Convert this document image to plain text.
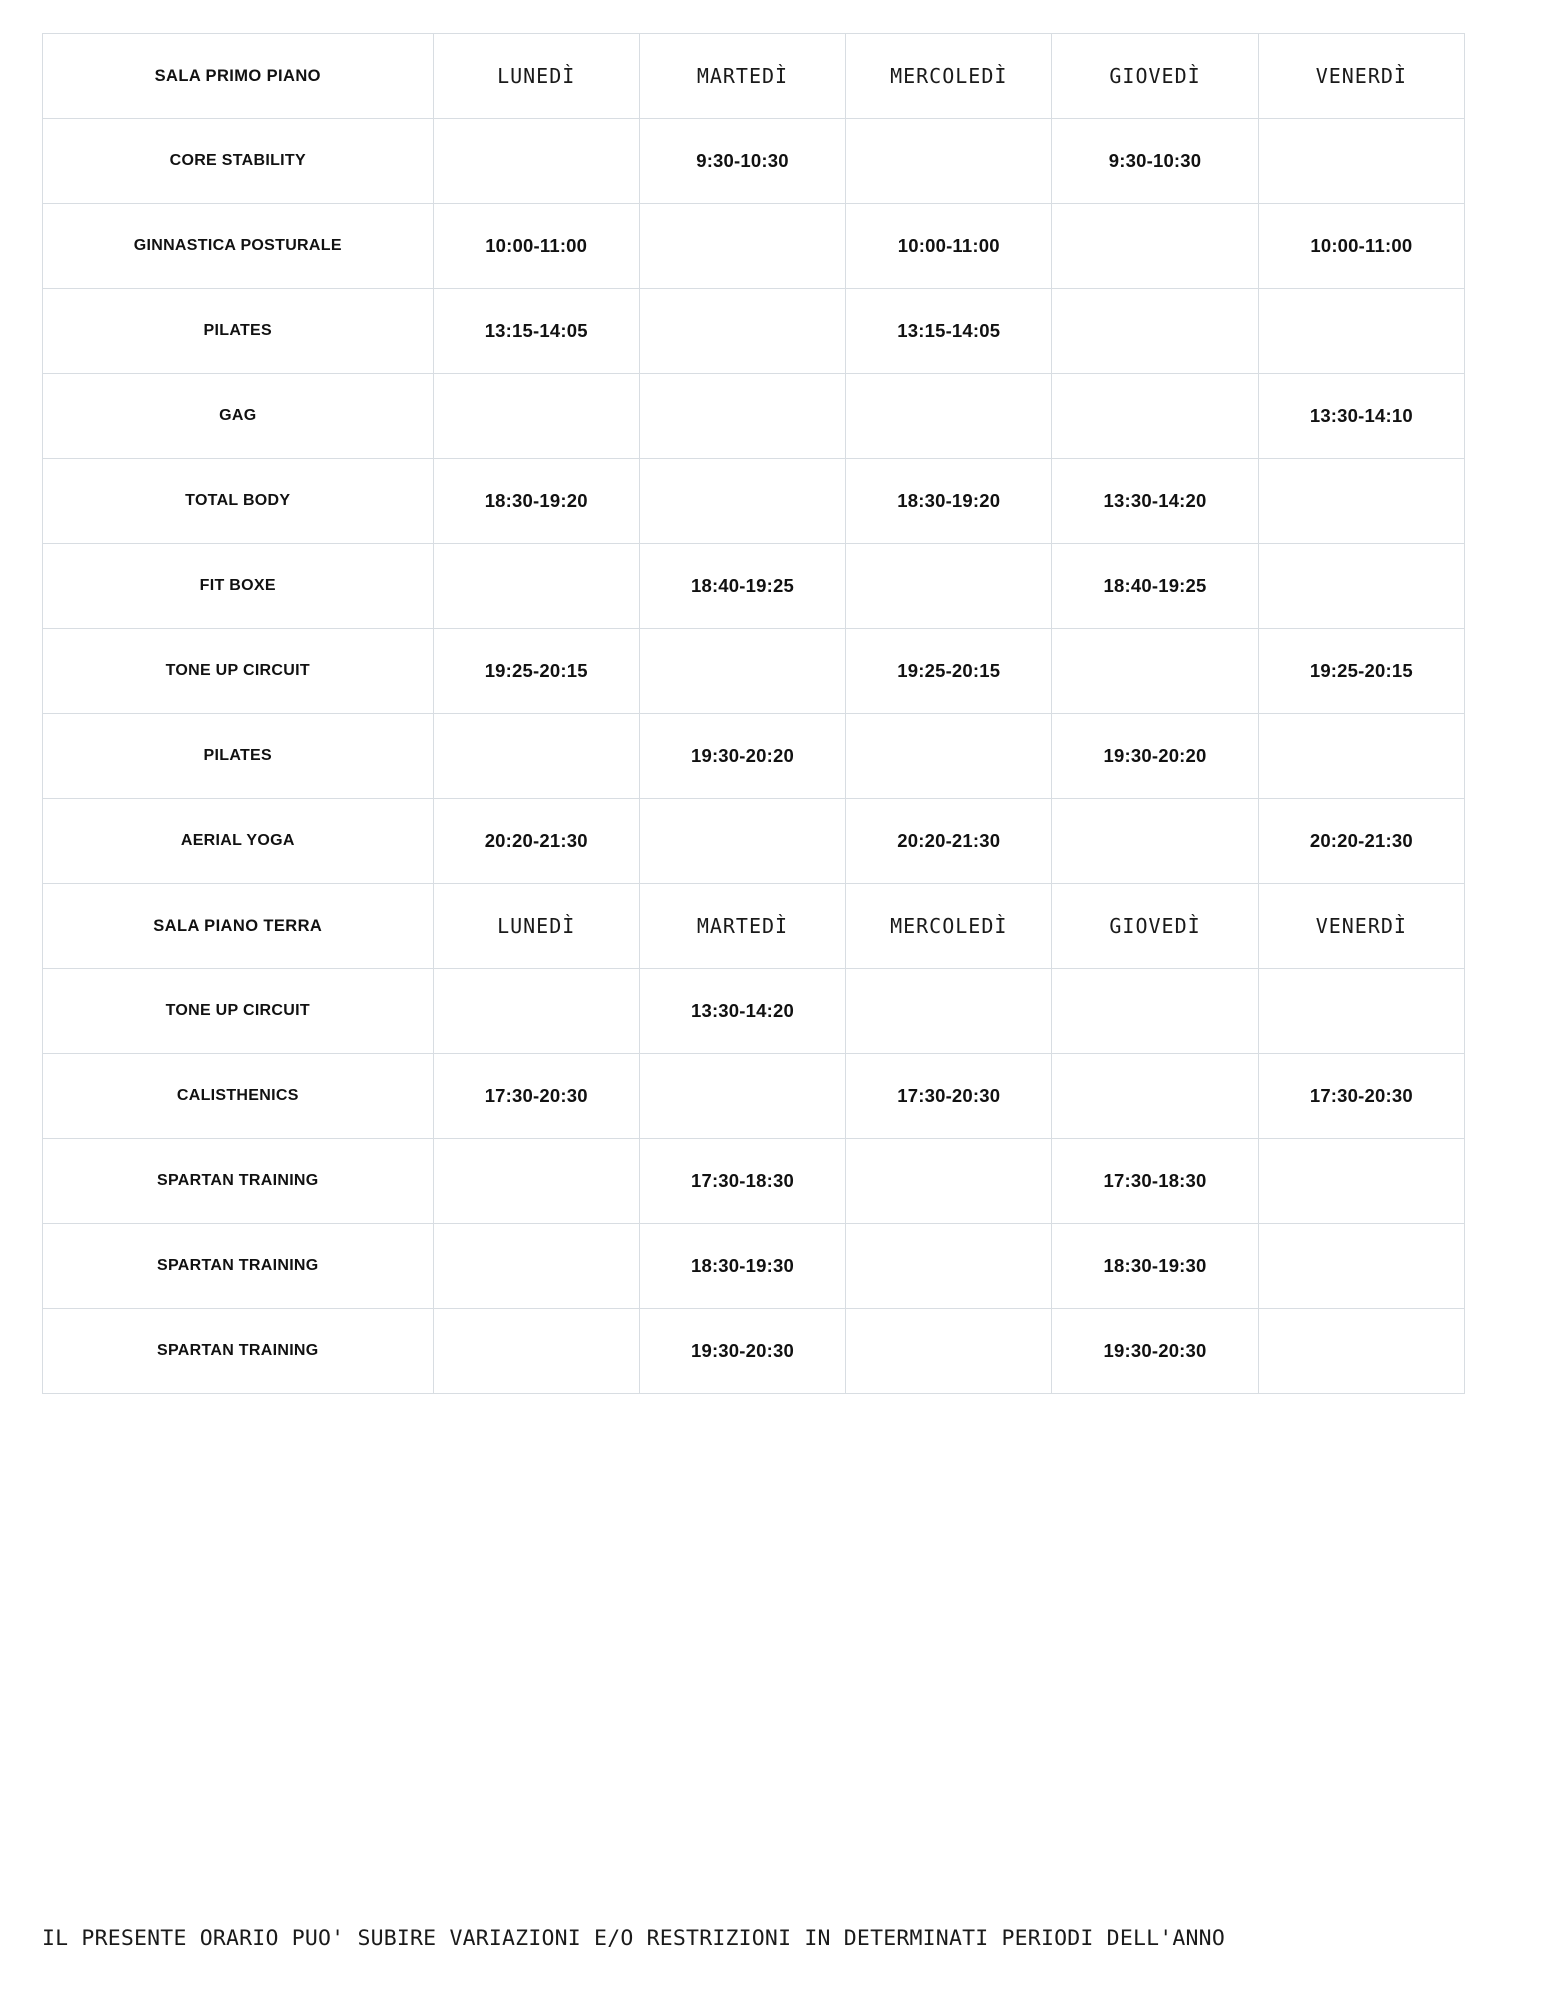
SALA PRIMO PIANO	LUNEDÌ	MARTEDÌ	MERCOLEDÌ	GIOVEDÌ	VENERDÌ
CORE STABILITY		9:30-10:30		9:30-10:30	
GINNASTICA POSTURALE	10:00-11:00		10:00-11:00		10:00-11:00
PILATES	13:15-14:05		13:15-14:05		
GAG					13:30-14:10
TOTAL BODY	18:30-19:20		18:30-19:20	13:30-14:20	
FIT BOXE		18:40-19:25		18:40-19:25	
TONE UP CIRCUIT	19:25-20:15		19:25-20:15		19:25-20:15
PILATES		19:30-20:20		19:30-20:20	
AERIAL YOGA	20:20-21:30		20:20-21:30		20:20-21:30
SALA PIANO TERRA	LUNEDÌ	MARTEDÌ	MERCOLEDÌ	GIOVEDÌ	VENERDÌ
TONE UP CIRCUIT		13:30-14:20			
CALISTHENICS	17:30-20:30		17:30-20:30		17:30-20:30
SPARTAN TRAINING		17:30-18:30		17:30-18:30	
SPARTAN TRAINING		18:30-19:30		18:30-19:30	
SPARTAN TRAINING		19:30-20:30		19:30-20:30	
IL PRESENTE ORARIO PUO' SUBIRE VARIAZIONI E/O RESTRIZIONI IN DETERMINATI PERIODI DELL'ANNO
